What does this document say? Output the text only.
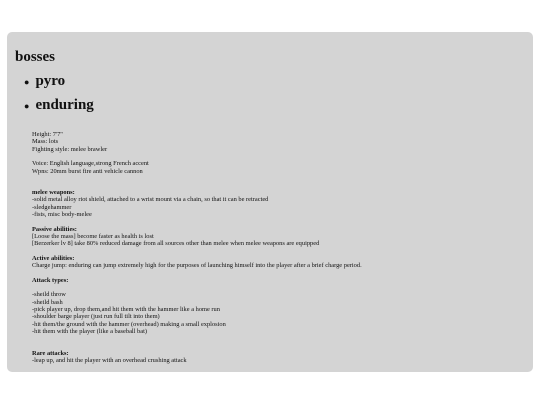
bosses
● pyro
● enduring

Height: 7'7"

Mass: lots

Fighting style: melee brawler

Voice: English language,strong French accent

Wpns: 20mm burst fire anti vehicle cannon

melee weapons:

-solid metal alloy riot shield, attached to a wrist mount via a chain, so that it can be retracted

-sledgehammer

-fists, misc body-melee

Passive abilities:

[Loose the mass] become faster as health is lost

[Berzerker lv 8] take 80% reduced damage from all sources other than melee when melee weapons are equipped

Active abilities:

Charge jump: enduring can jump extremely high for the purposes of launching himself into the player after a brief charge period.

Attack types:

-sheild throw

-sheild bash

-pick player up, drop them,and hit them with the hammer like a home run

-shoulder barge player (just run full tilt into them)

-hit them/the ground with the hammer (overhead) making a small explosion

-hit them with the player (like a baseball bat)

Rare attacks:

-leap up, and hit the player with an overhead crushing attack
